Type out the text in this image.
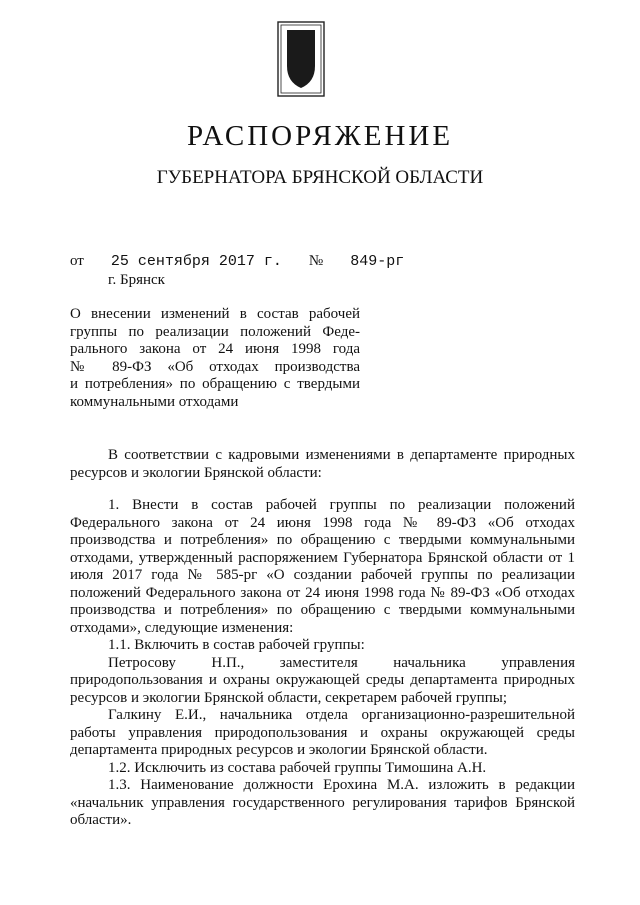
РАСПОРЯЖЕНИЕ
ГУБЕРНАТОРА БРЯНСКОЙ ОБЛАСТИ
от 25 сентября 2017 г. № 849-рг
г. Брянск
О внесении изменений в состав рабочей
группы по реализации положений Феде-
рального закона от 24 июня 1998 года
№ 89-ФЗ «Об отходах производства
и потребления» по обращению с твердыми
коммунальными отходами

В соответствии с кадровыми изменениями в департаменте природных ресурсов и экологии Брянской области:

1. Внести в состав рабочей группы по реализации положений Федерального закона от 24 июня 1998 года № 89-ФЗ «Об отходах производства и потребления» по обращению с твердыми коммунальными отходами, утвержденный распоряжением Губернатора Брянской области от 1 июля 2017 года № 585-рг «О создании рабочей группы по реализации положений Федерального закона от 24 июня 1998 года № 89-ФЗ «Об отходах производства и потребления» по обращению с твердыми коммунальными отходами», следующие изменения:

1.1. Включить в состав рабочей группы:

Петросову Н.П., заместителя начальника управления природопользования и охраны окружающей среды департамента природных ресурсов и экологии Брянской области, секретарем рабочей группы;

Галкину Е.И., начальника отдела организационно-разрешительной работы управления природопользования и охраны окружающей среды департамента природных ресурсов и экологии Брянской области.

1.2. Исключить из состава рабочей группы Тимошина А.Н.

1.3. Наименование должности Ерохина М.А. изложить в редакции «начальник управления государственного регулирования тарифов Брянской области».
